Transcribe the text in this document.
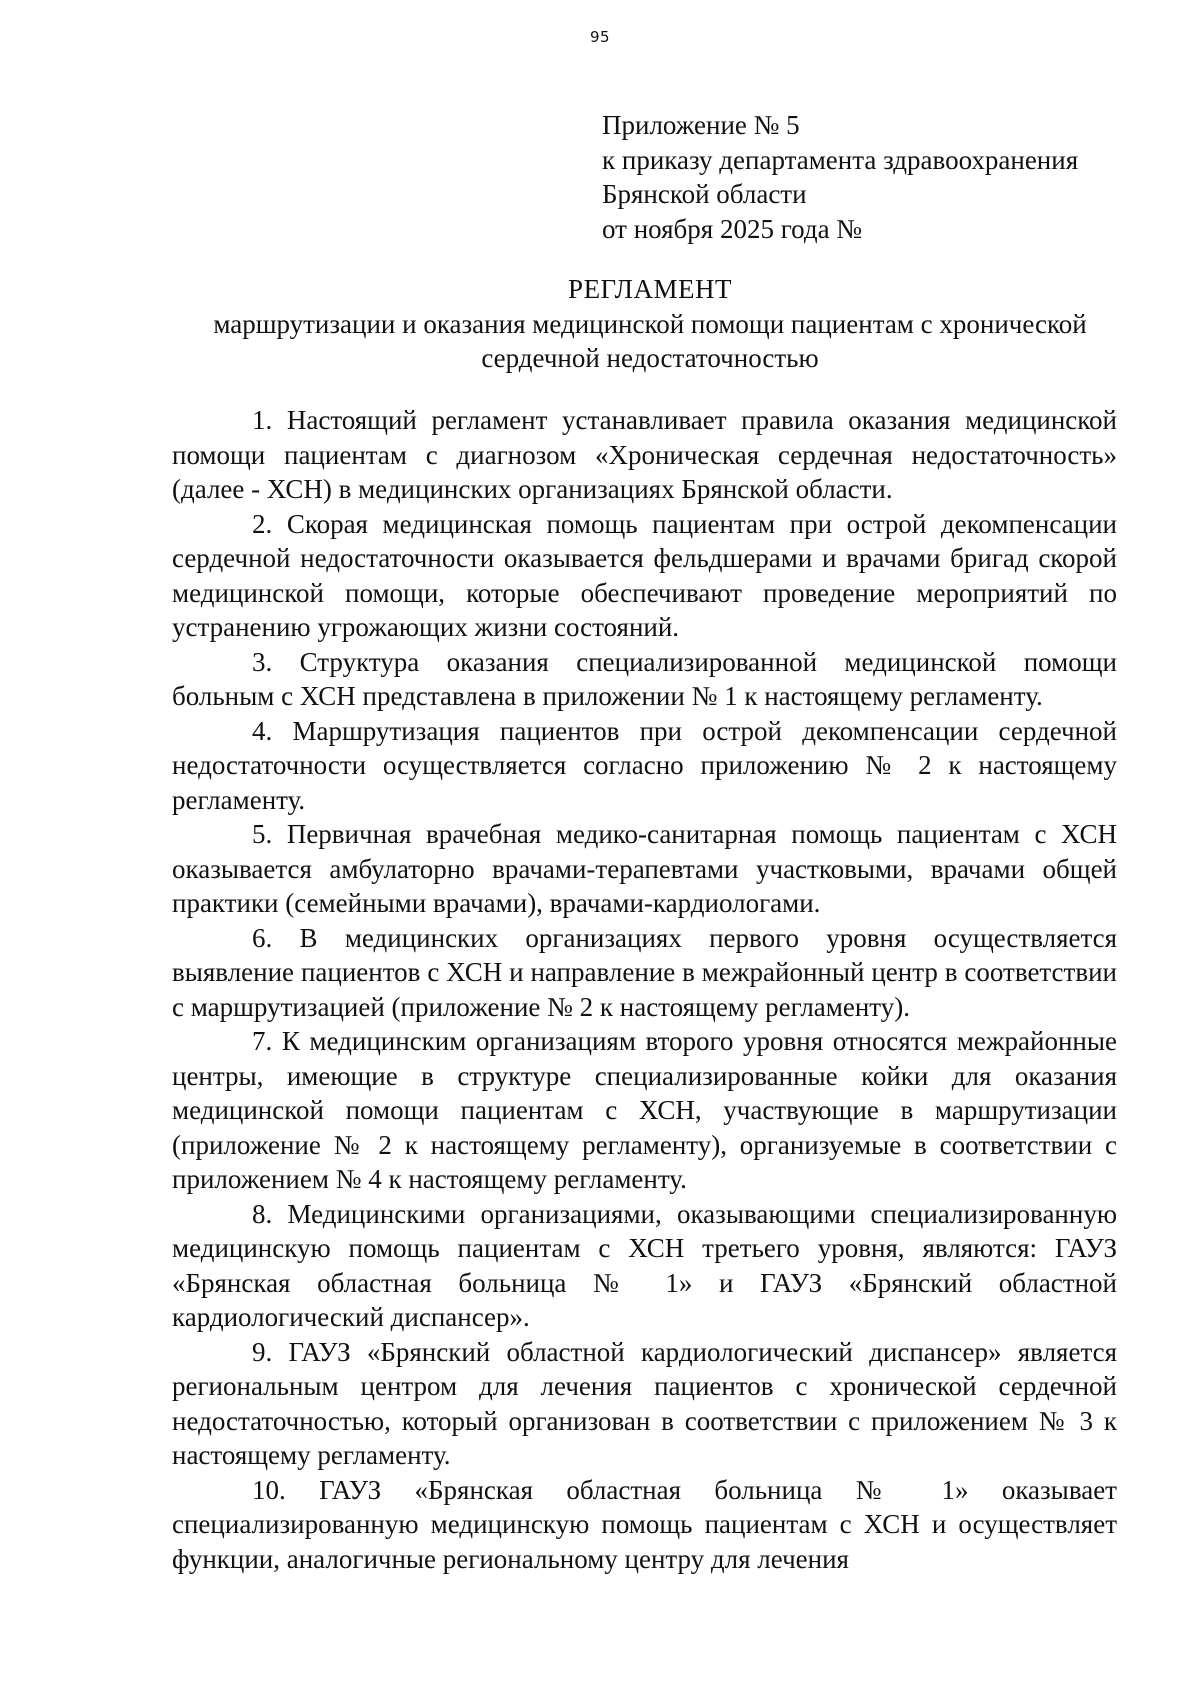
95
Приложение № 5
к приказу департамента здравоохранения
Брянской области
от ноября 2025 года №
РЕГЛАМЕНТ
маршрутизации и оказания медицинской помощи пациентам с хронической
сердечной недостаточностью

1. Настоящий регламент устанавливает правила оказания медицинской помощи пациентам с диагнозом «Хроническая сердечная недостаточность» (далее - ХСН) в медицинских организациях Брянской области.

2. Скорая медицинская помощь пациентам при острой декомпенсации сердечной недостаточности оказывается фельдшерами и врачами бригад скорой медицинской помощи, которые обеспечивают проведение мероприятий по устранению угрожающих жизни состояний.

3. Структура оказания специализированной медицинской помощи больным с ХСН представлена в приложении № 1 к настоящему регламенту.

4. Маршрутизация пациентов при острой декомпенсации сердечной недостаточности осуществляется согласно приложению № 2 к настоящему регламенту.

5. Первичная врачебная медико-санитарная помощь пациентам с ХСН оказывается амбулаторно врачами-терапевтами участковыми, врачами общей практики (семейными врачами), врачами-кардиологами.

6. В медицинских организациях первого уровня осуществляется выявление пациентов с ХСН и направление в межрайонный центр в соответствии с маршрутизацией (приложение № 2 к настоящему регламенту).

7. К медицинским организациям второго уровня относятся межрайонные центры, имеющие в структуре специализированные койки для оказания медицинской помощи пациентам с ХСН, участвующие в маршрутизации (приложение № 2 к настоящему регламенту), организуемые в соответствии с приложением № 4 к настоящему регламенту.

8. Медицинскими организациями, оказывающими специализированную медицинскую помощь пациентам с ХСН третьего уровня, являются: ГАУЗ «Брянская областная больница № 1» и ГАУЗ «Брянский областной кардиологический диспансер».

9. ГАУЗ «Брянский областной кардиологический диспансер» является региональным центром для лечения пациентов с хронической сердечной недостаточностью, который организован в соответствии с приложением № 3 к настоящему регламенту.

10. ГАУЗ «Брянская областная больница № 1» оказывает специализированную медицинскую помощь пациентам с ХСН и осуществляет функции, аналогичные региональному центру для лечения
